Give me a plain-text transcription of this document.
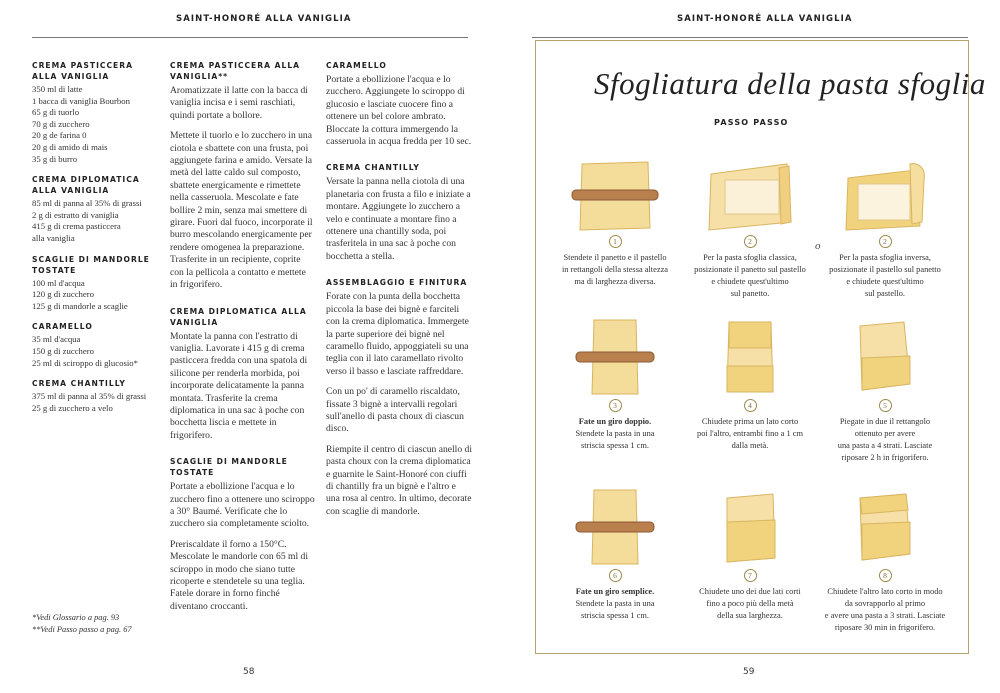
SAINT-HONORÉ ALLA VANIGLIA
CREMA PASTICCERA ALLA VANIGLIA
350 ml di latte
1 bacca di vaniglia Bourbon
65 g di tuorlo
70 g di zucchero
20 g de farina 0
20 g di amido di mais
35 g di burro
CREMA DIPLOMATICA ALLA VANIGLIA
85 ml di panna al 35% di grassi
2 g di estratto di vaniglia
415 g di crema pasticcera
alla vaniglia
SCAGLIE DI MANDORLE TOSTATE
100 ml d'acqua
120 g di zucchero
125 g di mandorle a scaglie
CARAMELLO
35 ml d'acqua
150 g di zucchero
25 ml di sciroppo di glucosio*
CREMA CHANTILLY
375 ml di panna al 35% di grassi
25 g di zucchero a velo
CREMA PASTICCERA ALLA VANIGLIA**

Aromatizzate il latte con la bacca di vaniglia incisa e i semi raschiati, quindi portate a bollore.

Mettete il tuorlo e lo zucchero in una ciotola e sbattete con una frusta, poi aggiungete farina e amido. Versate la metà del latte caldo sul composto, sbattete energicamente e rimettete nella casseruola. Mescolate e fate bollire 2 min, senza mai smettere di girare. Fuori dal fuoco, incorporate il burro mescolando energicamente per rendere omogenea la preparazione. Trasferite in un recipiente, coprite con la pellicola a contatto e mettete in frigorifero.

CREMA DIPLOMATICA ALLA VANIGLIA

Montate la panna con l'estratto di vaniglia. Lavorate i 415 g di crema pasticcera fredda con una spatola di silicone per renderla morbida, poi incorporate delicatamente la panna montata. Trasferite la crema diplomatica in una sac à poche con bocchetta liscia e mettete in frigorifero.

SCAGLIE DI MANDORLE TOSTATE

Portate a ebollizione l'acqua e lo zucchero fino a ottenere uno sciroppo a 30° Baumé. Verificate che lo zucchero sia completamente sciolto.

Preriscaldate il forno a 150°C. Mescolate le mandorle con 65 ml di sciroppo in modo che siano tutte ricoperte e stendetele su una teglia. Fatele dorare in forno finché diventano croccanti.

CARAMELLO

Portate a ebollizione l'acqua e lo zucchero. Aggiungete lo sciroppo di glucosio e lasciate cuocere fino a ottenere un bel colore ambrato. Bloccate la cottura immergendo la casseruola in acqua fredda per 10 sec.

CREMA CHANTILLY

Versate la panna nella ciotola di una planetaria con frusta a filo e iniziate a montare. Aggiungete lo zucchero a velo e continuate a montare fino a ottenere una chantilly soda, poi trasferitela in una sac à poche con bocchetta a stella.

ASSEMBLAGGIO E FINITURA

Forate con la punta della bocchetta piccola la base dei bignè e farciteli con la crema diplomatica. Immergete la parte superiore dei bignè nel caramello fluido, appoggiateli su una teglia con il lato caramellato rivolto verso il basso e lasciate raffreddare.

Con un po' di caramello riscaldato, fissate 3 bignè a intervalli regolari sull'anello di pasta choux di ciascun disco.

Riempite il centro di ciascun anello di pasta choux con la crema diplomatica e guarnite le Saint-Honoré con ciuffi di chantilly fra un bignè e l'altro e una rosa al centro. In ultimo, decorate con scaglie di mandorle.

*Vedi Glossario a pag. 93
**Vedi Passo passo a pag. 67
58
SAINT-HONORÉ ALLA VANIGLIA
Sfogliatura della pasta sfoglia
PASSO PASSO
o
1
Stendete il panetto e il pastello
in rettangoli della stessa altezza
ma di larghezza diversa.
2
Per la pasta sfoglia classica,
posizionate il panetto sul pastello
e chiudete quest'ultimo
sul panetto.
2
Per la pasta sfoglia inversa,
posizionate il pastello sul panetto
e chiudete quest'ultimo
sul pastello.
3
Fate un giro doppio.
Stendete la pasta in una
striscia spessa 1 cm.
4
Chiudete prima un lato corto
poi l'altro, entrambi fino a 1 cm
dalla metà.
5
Piegate in due il rettangolo
ottenuto per avere
una pasta a 4 strati. Lasciate
riposare 2 h in frigorifero.
6
Fate un giro semplice.
Stendete la pasta in una
striscia spessa 1 cm.
7
Chiudete uno dei due lati corti
fino a poco più della metà
della sua larghezza.
8
Chiudete l'altro lato corto in modo
da sovrapporlo al primo
e avere una pasta a 3 strati. Lasciate
riposare 30 min in frigorifero.
59
